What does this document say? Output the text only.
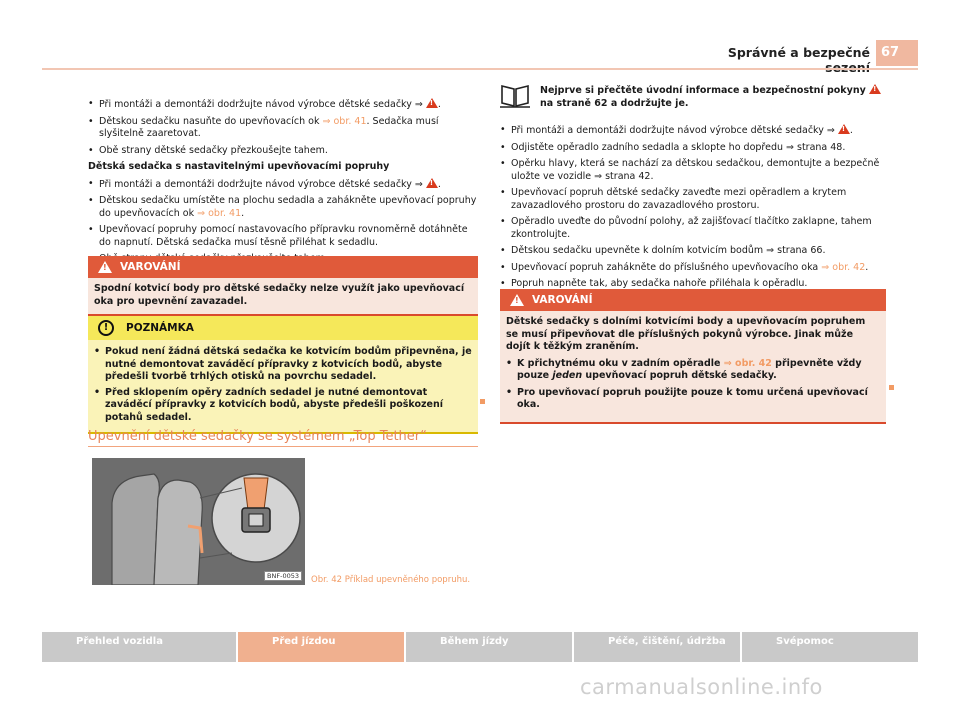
Správné a bezpečné 67
• Při montáži a demontáži dodržujte návod výrobce dětské sedačky ⇒ ! .
• Dětskou sedačku nasuňte do upevňovacích ok ⇒ obr. 41. Sedačka musí slyšitelně zaaretovat.
• Obě strany dětské sedačky přezkoušejte tahem.
Dětská sedačka s nastavitelnými upevňovacími popruhy
• Při montáži a demontáži dodržujte návod výrobce dětské sedačky ⇒ ! .
• Dětskou sedačku umístěte na plochu sedadla a zahákněte upevňovací popruhy do upevňovacích ok ⇒ obr. 41.
• Upevňovací popruhy pomocí nastavovacího přípravku rovnoměrně dotáhněte do napnutí. Dětská sedačka musí těsně přiléhat k sedadlu.
•
!
VAROVÁNÍ
Spodní kotvicí body pro dětské sedačky nelze využít jako upevňovací oka pro upevnění zavazadel.
!	POZNÁMKA
• Pokud není žádná dětská sedačka ke kotvicím bodům připevněna, je nutné demontovat zaváděcí přípravky z kotvicích bodů, abyste předešli tvorbě trhlých otisků na povrchu sedadel.
• Před sklopením opěry zadních sedadel je nutné demontovat zaváděcí přípravky z kotvicích bodů, abyste předešli poškození potahů sedadel.
Upevnění dětské sedačky se systémem „Top Tether“
BNF-0053	Obr. 42 Příklad upevněného popruhu.
Nejprve si přečtěte úvodní informace a bezpečnostní pokyny ! na straně 62 a dodržujte je.
• Při montáži a demontáži dodržujte návod výrobce dětské sedačky ⇒ ! .
• Odjistěte opěradlo zadního sedadla a sklopte ho dopředu ⇒ strana 48.
• Opěrku hlavy, která se nachází za dětskou sedačkou, demontujte a bezpečně uložte ve vozidle ⇒ strana 42.
• Upevňovací popruh dětské sedačky zaveďte mezi opěradlem a krytem zavazadlového prostoru do zavazadlového prostoru.
• Opěradlo uveďte do původní polohy, až zajišťovací tlačítko zaklapne, tahem zkontrolujte.
• Dětskou sedačku upevněte k dolním kotvicím bodům ⇒ strana 66.
• Upevňovací popruh zahákněte do příslušného upevňovacího oka ⇒ obr. 42.
• Popruh napněte tak, aby sedačka nahoře přiléhala k opěradlu.
!
VAROVÁNÍ
Dětské sedačky s dolními kotvicími body a upevňovacím popruhem se musí připevňovat dle příslušných pokynů výrobce. Jinak může dojít k těžkým zraněním.
• K přichytnému oku v zadním opěradle ⇒ obr. 42 připevněte vždy pouze jeden upevňovací popruh dětské sedačky.
• Pro upevňovací popruh použijte pouze k tomu určená upevňovací oka.
Přehled vozidla	Před jízdou	Během jízdy	Péče, čištění, údržba	Svépomoc
carmanualsonline.info
